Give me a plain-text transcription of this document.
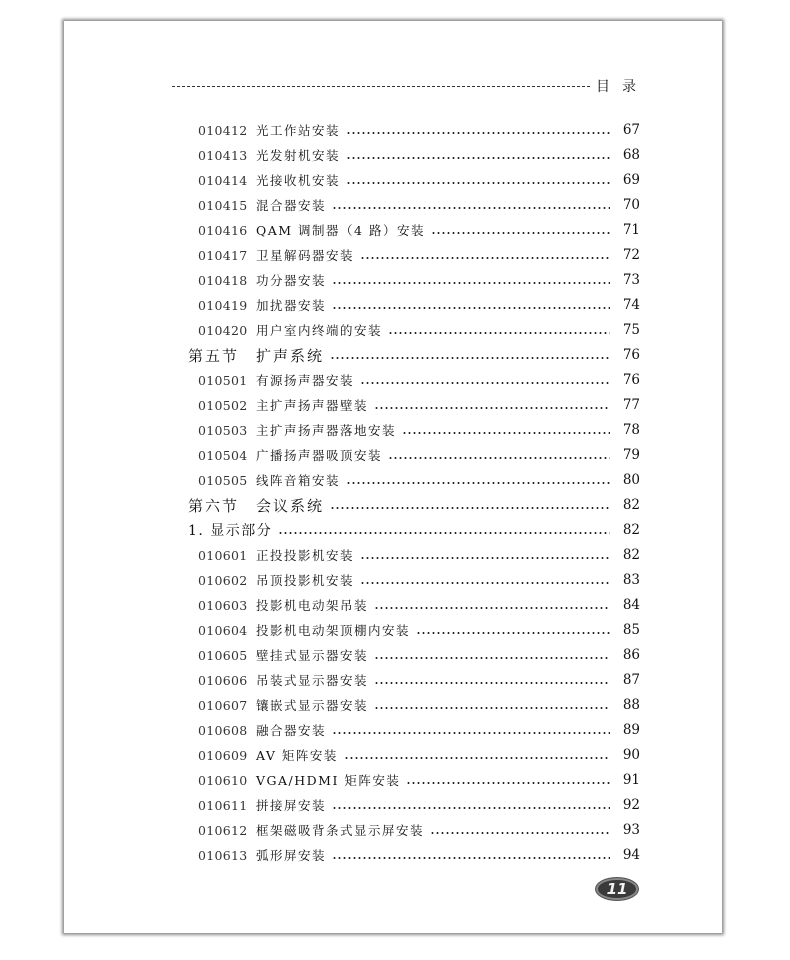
目录
010412 光工作站安装	67
010413 光发射机安装	68
010414 光接收机安装	69
010415 混合器安装	70
010416 QAM 调制器（4 路）安装	71
010417 卫星解码器安装	72
010418 功分器安装	73
010419 加扰器安装	74
010420 用户室内终端的安装	75
第五节　扩声系统	76
010501 有源扬声器安装	76
010502 主扩声扬声器壁装	77
010503 主扩声扬声器落地安装	78
010504 广播扬声器吸顶安装	79
010505 线阵音箱安装	80
第六节　会议系统	82
1. 显示部分	82
010601 正投投影机安装	82
010602 吊顶投影机安装	83
010603 投影机电动架吊装	84
010604 投影机电动架顶棚内安装	85
010605 壁挂式显示器安装	86
010606 吊装式显示器安装	87
010607 镶嵌式显示器安装	88
010608 融合器安装	89
010609 AV 矩阵安装	90
010610 VGA/HDMI 矩阵安装	91
010611 拼接屏安装	92
010612 框架磁吸背条式显示屏安装	93
010613 弧形屏安装	94
11
